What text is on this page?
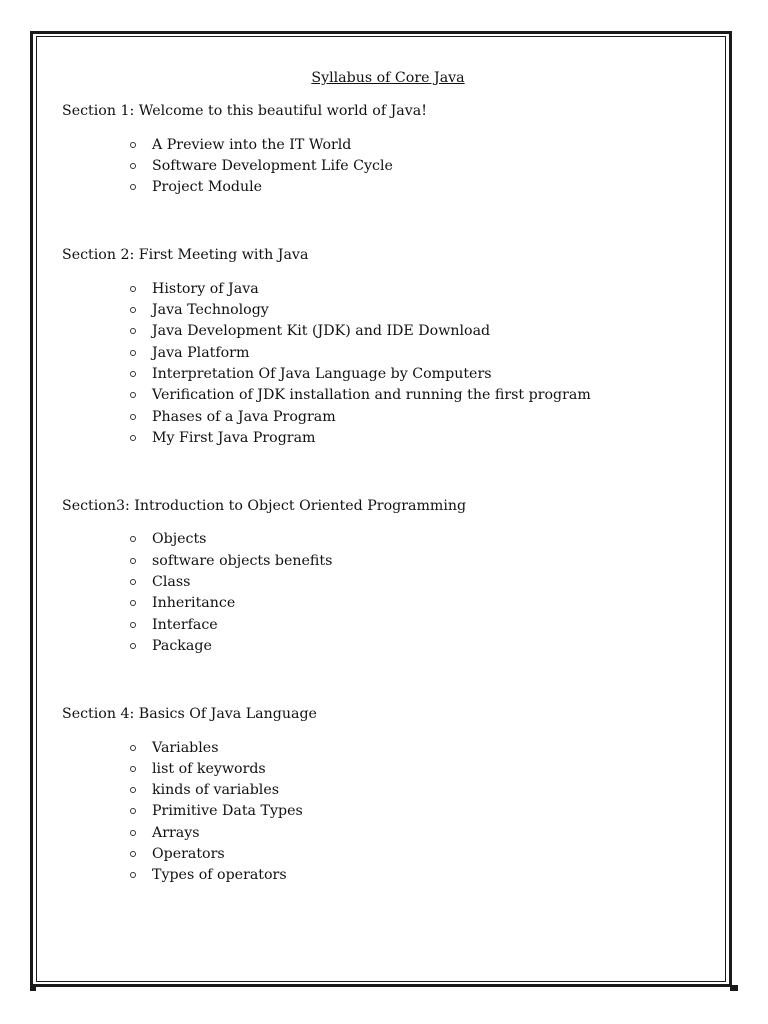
Syllabus of Core Java
Section 1: Welcome to this beautiful world of Java!
A Preview into the IT World
Software Development Life Cycle
Project Module
Section 2: First Meeting with Java
History of Java
Java Technology
Java Development Kit (JDK) and IDE Download
Java Platform
Interpretation Of Java Language by Computers
Verification of JDK installation and running the first program
Phases of a Java Program
My First Java Program
Section3: Introduction to Object Oriented Programming
Objects
software objects benefits
Class
Inheritance
Interface
Package
Section 4: Basics Of Java Language
Variables
list of keywords
kinds of variables
Primitive Data Types
Arrays
Operators
Types of operators
